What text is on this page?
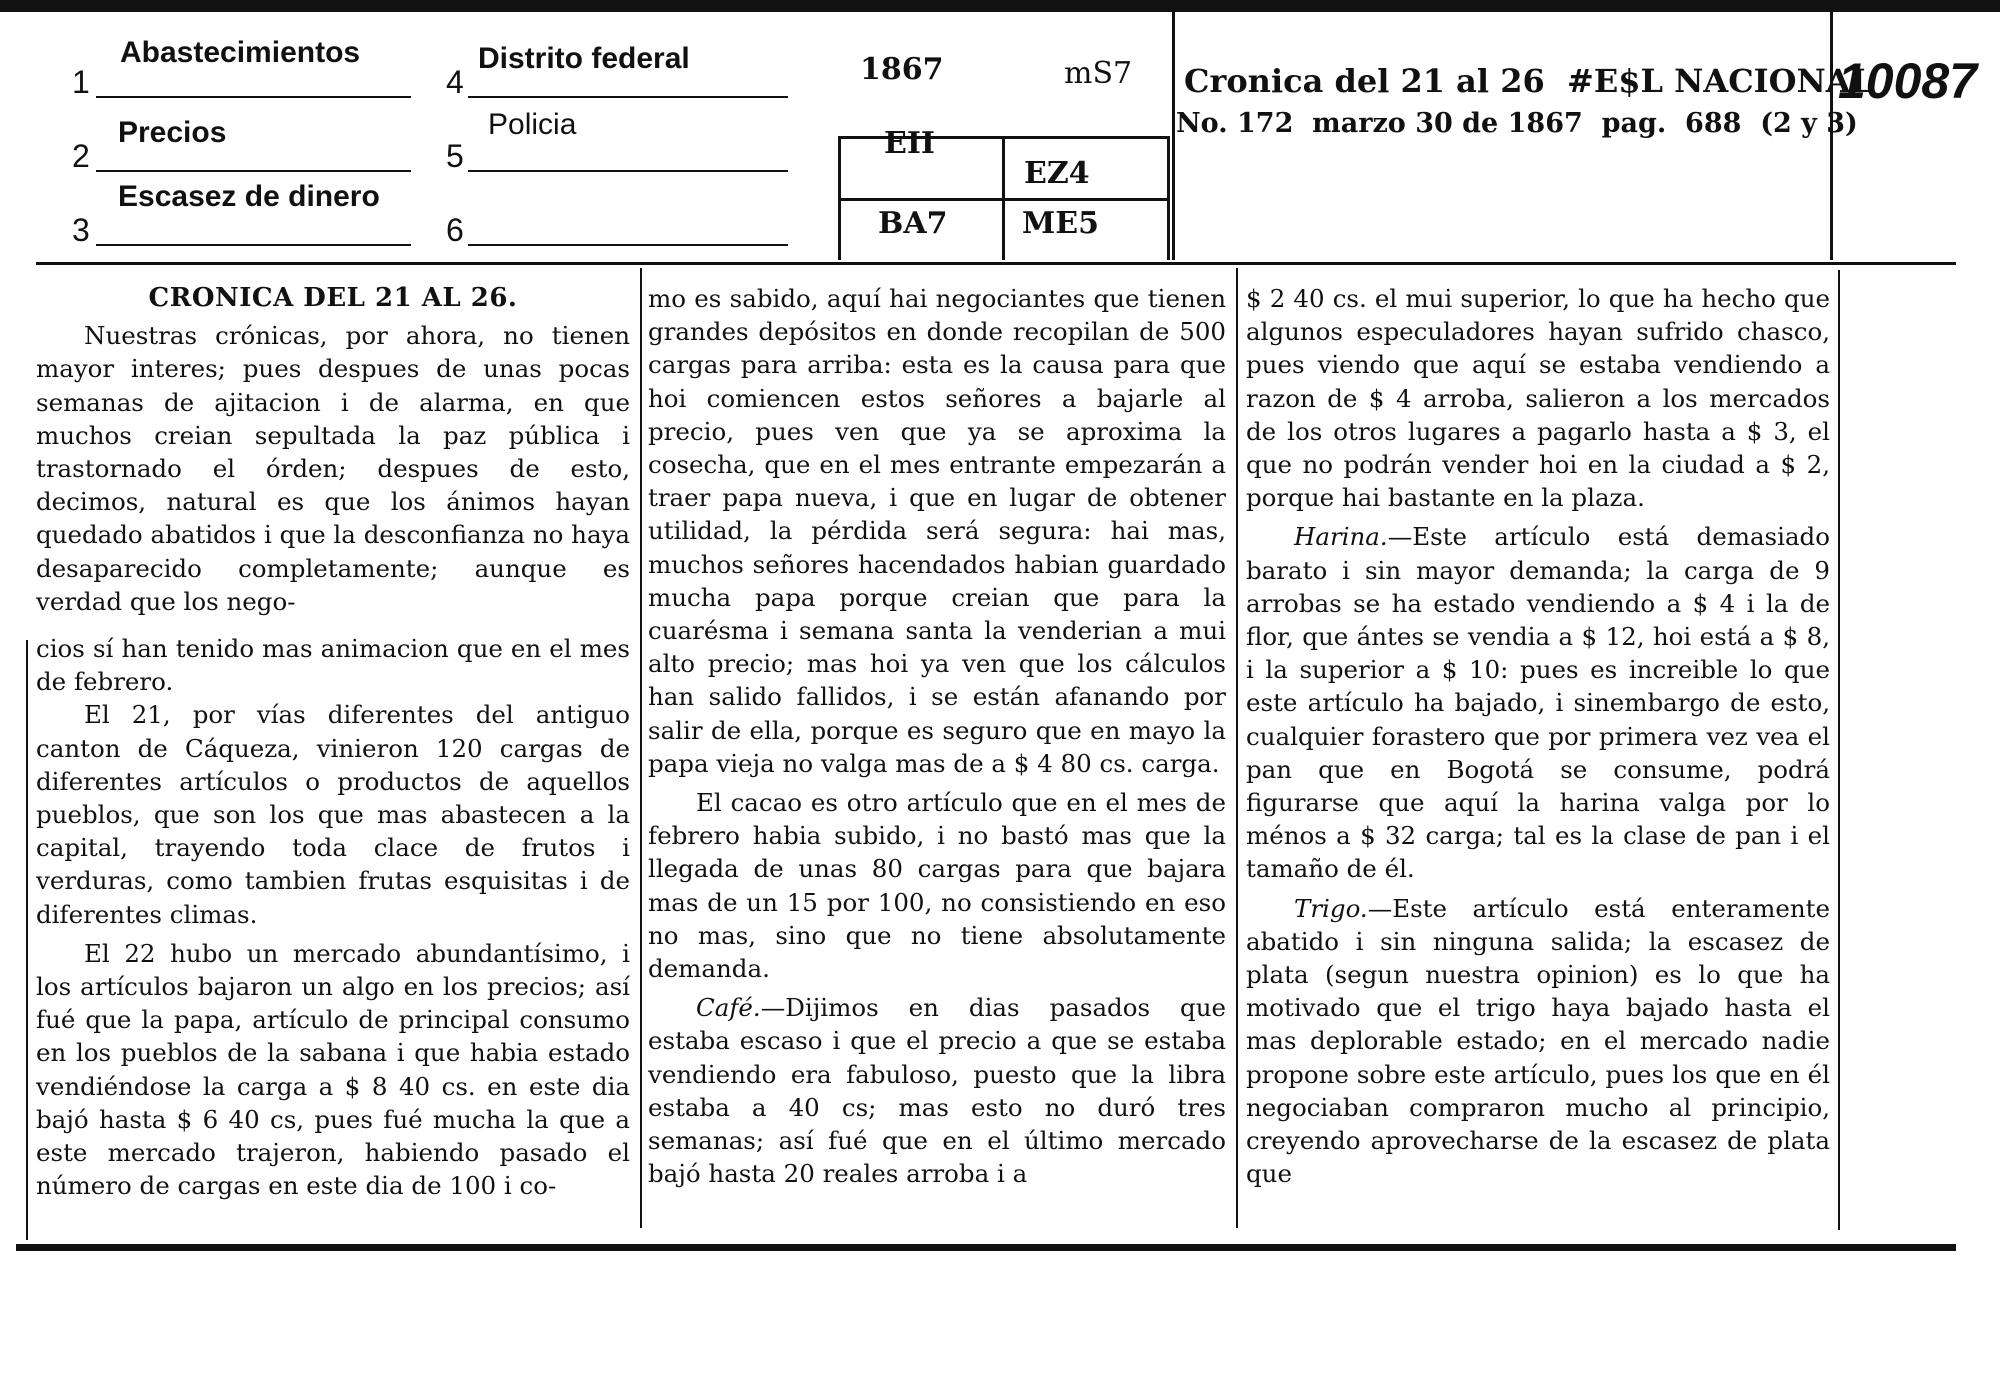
1
Abastecimientos
2
Precios
3
Escasez de dinero
4
Distrito federal
5
Policia
6
1867	mS7
EII
EZ4
BA7 ME5
Cronica del 21 al 26  #E$L NACIONAL
No. 172  marzo 30 de 1867  pag.  688  (2 y 3)
10087
CRONICA DEL 21 AL 26.

Nuestras crónicas, por ahora, no tienen mayor interes; pues despues de unas pocas semanas de ajitacion i de alarma, en que muchos creian sepultada la paz pública i trastornado el órden; despues de esto, decimos, natural es que los ánimos hayan quedado abatidos i que la desconfianza no haya desaparecido completamente; aunque es verdad que los nego-

cios sí han tenido mas animacion que en el mes de febrero.

El 21, por vías diferentes del antiguo canton de Cáqueza, vinieron 120 cargas de diferentes artículos o productos de aquellos pueblos, que son los que mas abastecen a la capital, trayendo toda clace de frutos i verduras, como tambien frutas esquisitas i de diferentes climas.

El 22 hubo un mercado abundantísimo, i los artículos bajaron un algo en los precios; así fué que la papa, artículo de principal consumo en los pueblos de la sabana i que habia estado vendiéndose la carga a $ 8 40 cs. en este dia bajó hasta $ 6 40 cs, pues fué mucha la que a este mercado trajeron, habiendo pasado el número de cargas en este dia de 100 i co-

mo es sabido, aquí hai negociantes que tienen grandes depósitos en donde recopilan de 500 cargas para arriba: esta es la causa para que hoi comiencen estos señores a bajarle al precio, pues ven que ya se aproxima la cosecha, que en el mes entrante empezarán a traer papa nueva, i que en lugar de obtener utilidad, la pérdida será segura: hai mas, muchos señores hacendados habian guardado mucha papa porque creian que para la cuarésma i semana santa la venderian a mui alto precio; mas hoi ya ven que los cálculos han salido fallidos, i se están afanando por salir de ella, porque es seguro que en mayo la papa vieja no valga mas de a $ 4 80 cs. carga.

El cacao es otro artículo que en el mes de febrero habia subido, i no bastó mas que la llegada de unas 80 cargas para que bajara mas de un 15 por 100, no consistiendo en eso no mas, sino que no tiene absolutamente demanda.

Café.—Dijimos en dias pasados que estaba escaso i que el precio a que se estaba vendiendo era fabuloso, puesto que la libra estaba a 40 cs; mas esto no duró tres semanas; así fué que en el último mercado bajó hasta 20 reales arroba i a

$ 2 40 cs. el mui superior, lo que ha hecho que algunos especuladores hayan sufrido chasco, pues viendo que aquí se estaba vendiendo a razon de $ 4 arroba, salieron a los mercados de los otros lugares a pagarlo hasta a $ 3, el que no podrán vender hoi en la ciudad a $ 2, porque hai bastante en la plaza.

Harina.—Este artículo está demasiado barato i sin mayor demanda; la carga de 9 arrobas se ha estado vendiendo a $ 4 i la de flor, que ántes se vendia a $ 12, hoi está a $ 8, i la superior a $ 10: pues es increible lo que este artículo ha bajado, i sinembargo de esto, cualquier forastero que por primera vez vea el pan que en Bogotá se consume, podrá figurarse que aquí la harina valga por lo ménos a $ 32 carga; tal es la clase de pan i el tamaño de él.

Trigo.—Este artículo está enteramente abatido i sin ninguna salida; la escasez de plata (segun nuestra opinion) es lo que ha motivado que el trigo haya bajado hasta el mas deplorable estado; en el mercado nadie propone sobre este artículo, pues los que en él negociaban compraron mucho al principio, creyendo aprovecharse de la escasez de plata que
